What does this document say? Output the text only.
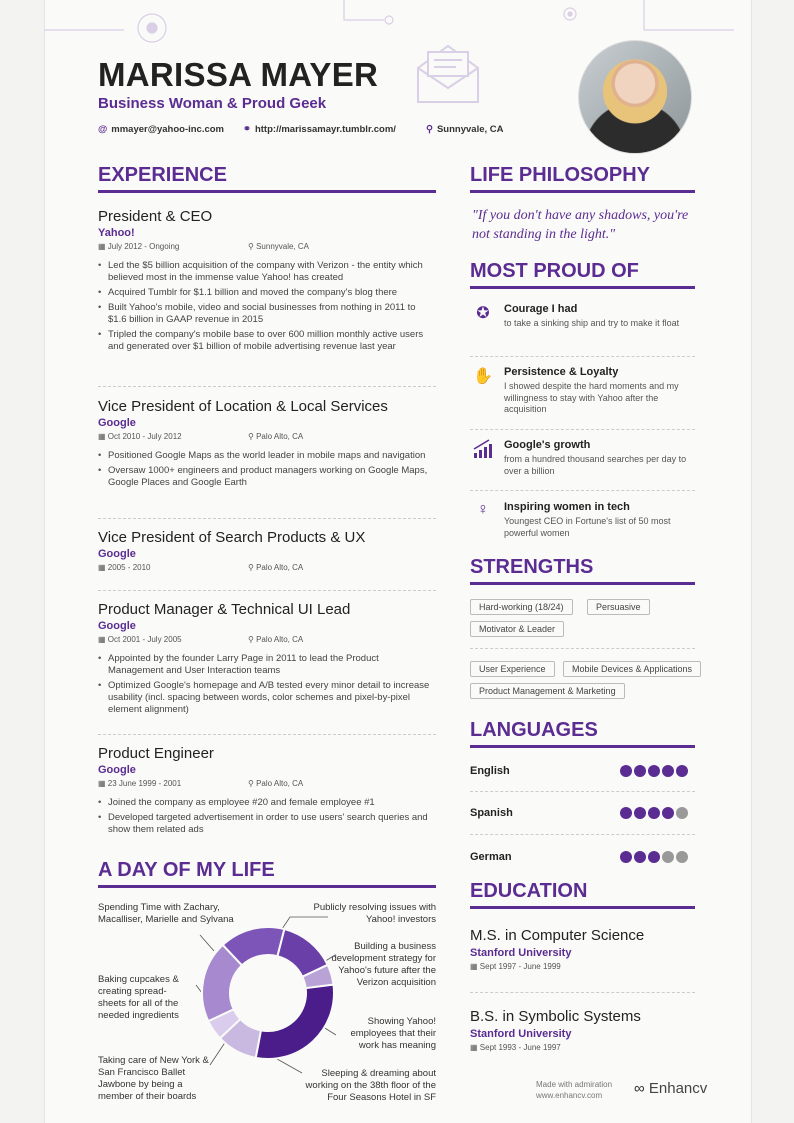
MARISSA MAYER
Business Woman & Proud Geek
@ mmayer@yahoo-inc.com ⚭ http://marissamayr.tumblr.com/	⚲ Sunnyvale, CA
EXPERIENCE
President & CEO
Yahoo!
▦ July 2012 - Ongoing	⚲ Sunnyvale, CA
• Led the $5 billion acquisition of the company with Verizon - the entity which believed most in the immense value Yahoo! has created
• Acquired Tumblr for $1.1 billion and moved the company's blog there
• Built Yahoo's mobile, video and social businesses from nothing in 2011 to $1.6 billion in GAAP revenue in 2015
• Tripled the company's mobile base to over 600 million monthly active users and generated over $1 billion of mobile advertising revenue last year
Vice President of Location & Local Services
Google
▦ Oct 2010 - July 2012	⚲ Palo Alto, CA
• Positioned Google Maps as the world leader in mobile maps and navigation
• Oversaw 1000+ engineers and product managers working on Google Maps, Google Places and Google Earth
Vice President of Search Products & UX
Google
▦ 2005 - 2010	⚲ Palo Alto, CA
Product Manager & Technical UI Lead
Google
▦ Oct 2001 - July 2005	⚲ Palo Alto, CA
• Appointed by the founder Larry Page in 2011 to lead the Product Management and User Interaction teams
• Optimized Google's homepage and A/B tested every minor detail to increase usability (incl. spacing between words, color schemes and pixel-by-pixel element alignment)
Product Engineer
Google
▦ 23 June 1999 - 2001	⚲ Palo Alto, CA
• Joined the company as employee #20 and female employee #1
• Developed targeted advertisement in order to use users' search queries and show them related ads
A DAY OF MY LIFE
Spending Time with Zachary, Macalliser, Marielle and Sylvana
Publicly resolving issues with Yahoo! investors
Building a business development strategy for Yahoo's future after the Verizon acquisition
Baking cupcakes & creating spread-sheets for all of the needed ingredients
Showing Yahoo! employees that their work has meaning
Taking care of New York & San Francisco Ballet Jawbone by being a member of their boards
Sleeping & dreaming about working on the 38th floor of the Four Seasons Hotel in SF
LIFE PHILOSOPHY
"If you don't have any shadows, you're not standing in the light."
MOST PROUD OF
✪	Courage I had
to take a sinking ship and try to make it float
✋ Persistence & Loyalty
I showed despite the hard moments and my willingness to stay with Yahoo after the acquisition
Google's growth
from a hundred thousand searches per day to over a billion
♀	Inspiring women in tech
Youngest CEO in Fortune's list of 50 most powerful women
STRENGTHS
Hard-working (18/24)	Persuasive
Motivator & Leader
User Experience	Mobile Devices & Applications
Product Management & Marketing
LANGUAGES
English
Spanish
German
EDUCATION
M.S. in Computer Science
Stanford University
▦ Sept 1997 - June 1999
B.S. in Symbolic Systems
Stanford University
▦ Sept 1993 - June 1997
Made with admiration
www.enhancv.com	∞ Enhancv
